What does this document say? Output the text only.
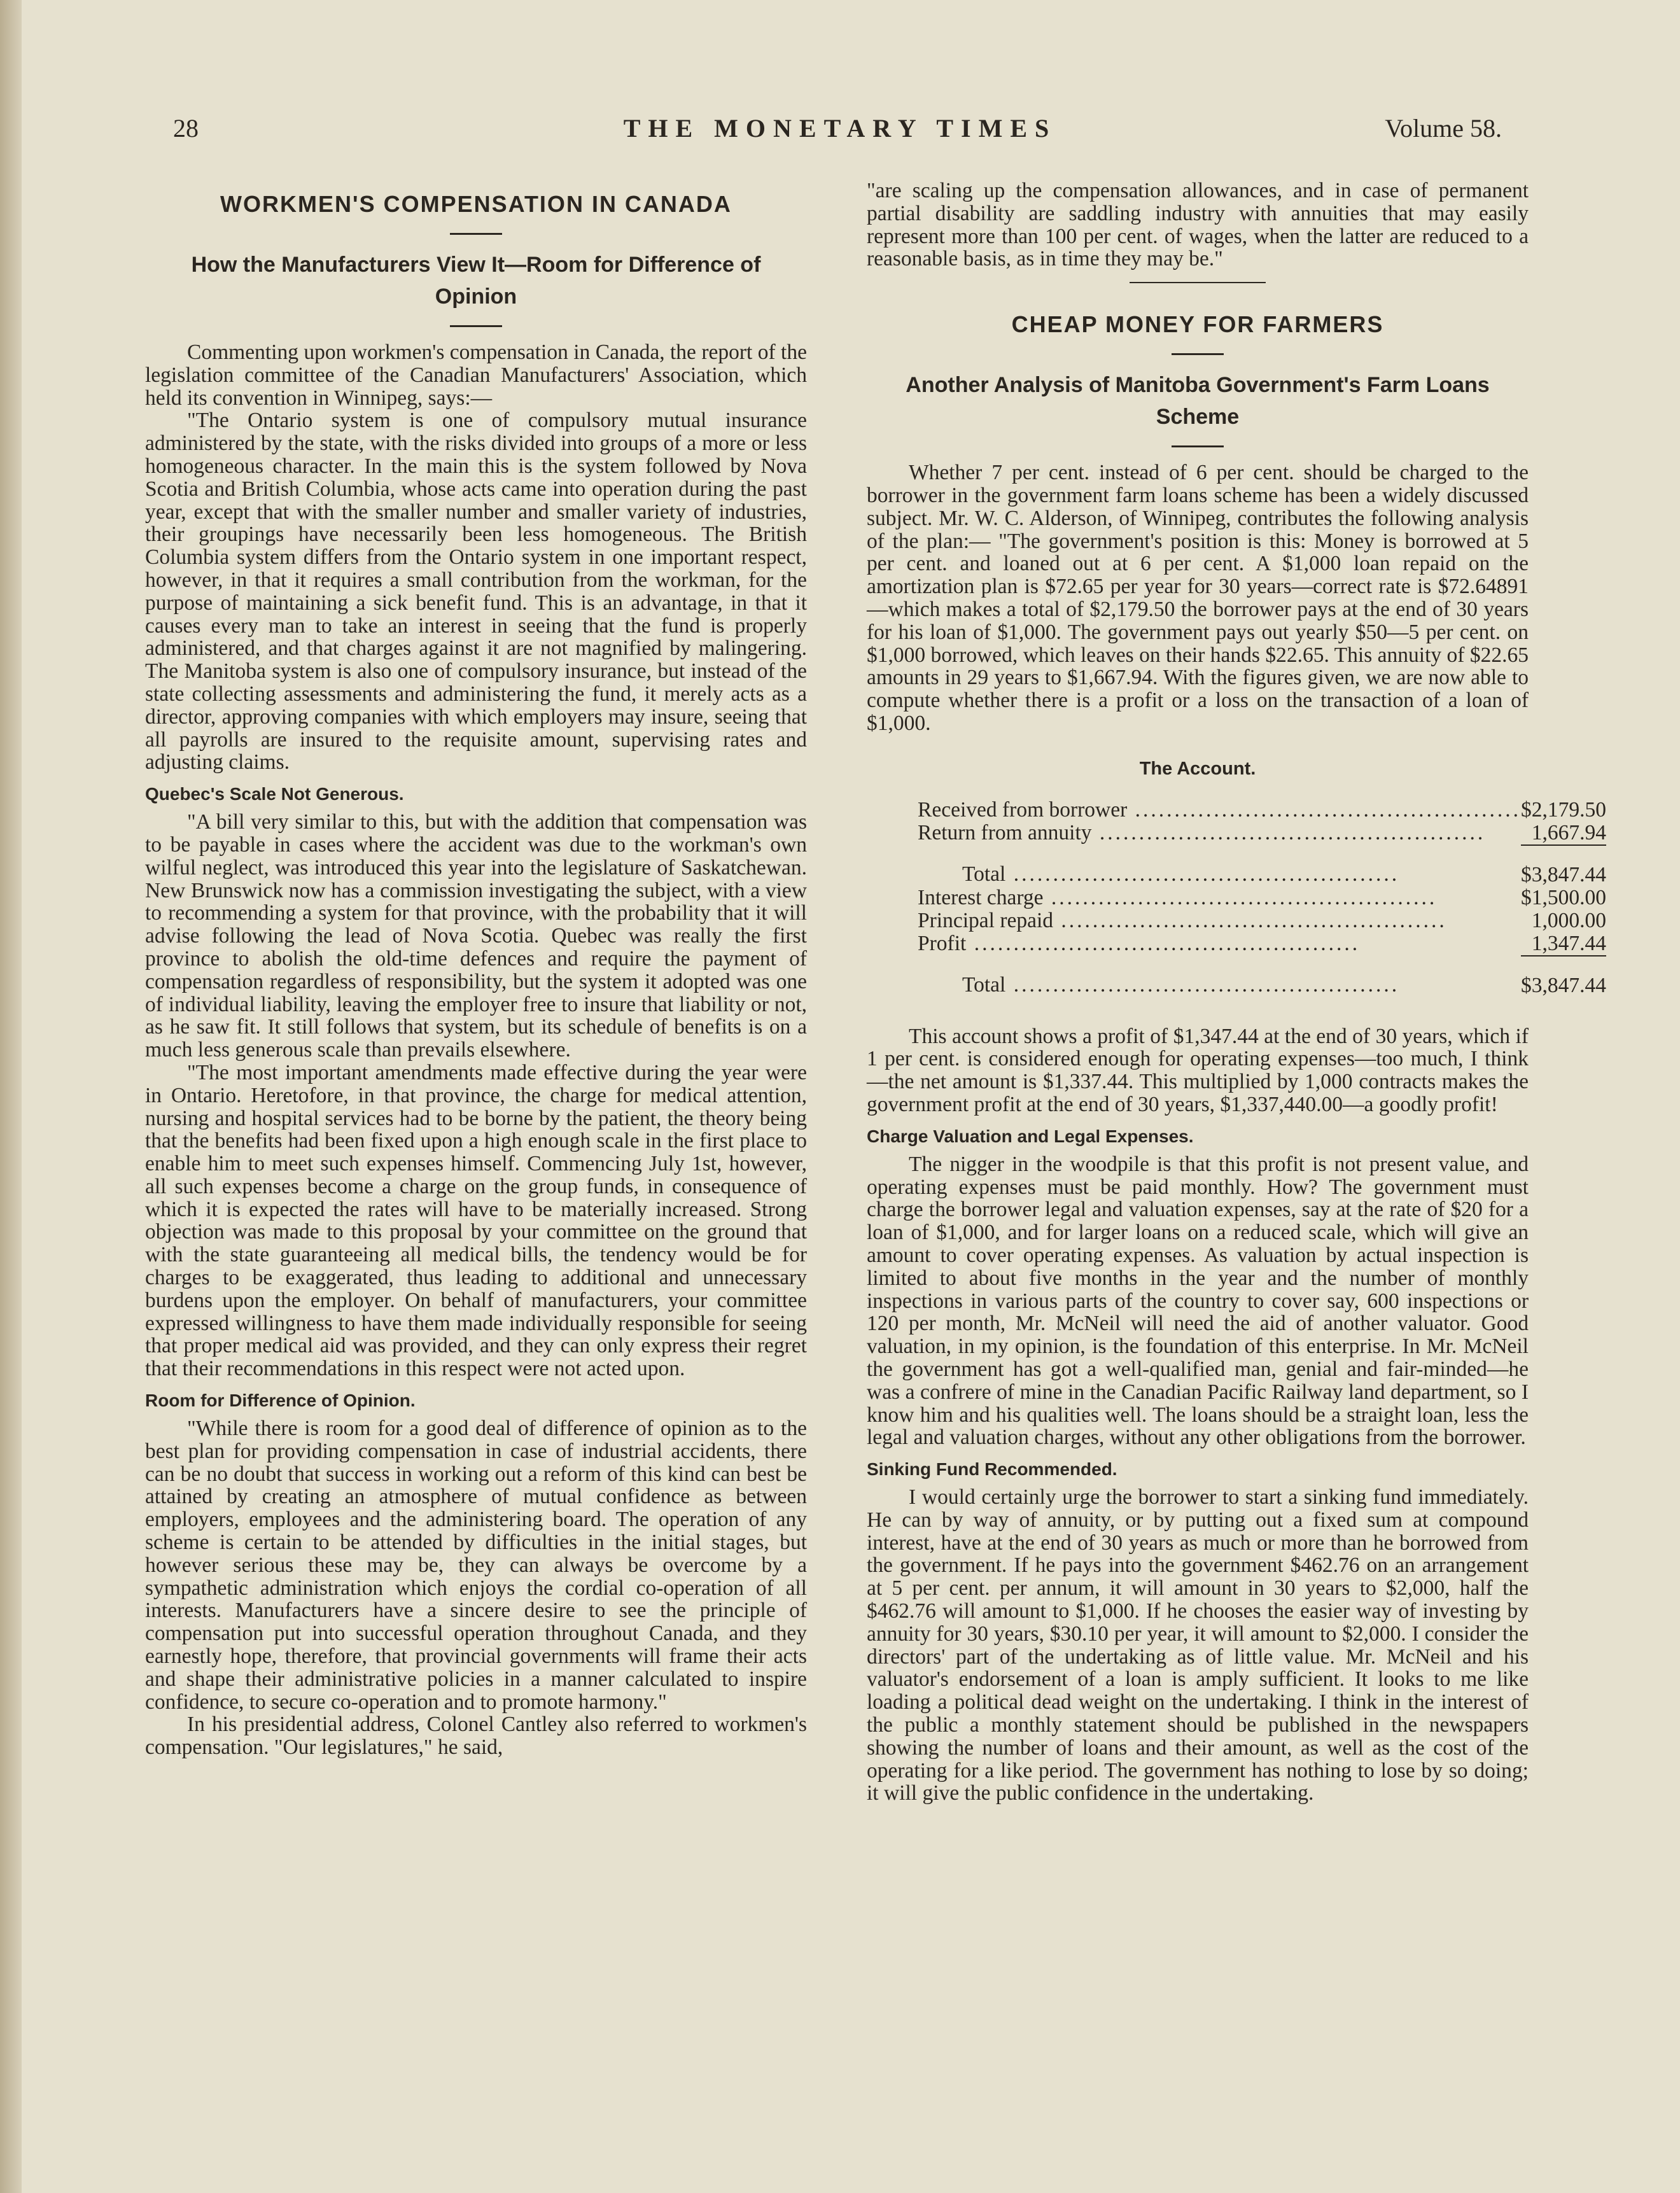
28	THE MONETARY TIMES	Volume 58.
WORKMEN'S COMPENSATION IN CANADA
How the Manufacturers View It—Room for Difference of Opinion

Commenting upon workmen's compensation in Canada, the report of the legislation committee of the Canadian Manufacturers' Association, which held its convention in Winnipeg, says:—

"The Ontario system is one of compulsory mutual insurance administered by the state, with the risks divided into groups of a more or less homogeneous character. In the main this is the system followed by Nova Scotia and British Columbia, whose acts came into operation during the past year, except that with the smaller number and smaller variety of industries, their groupings have necessarily been less homogeneous. The British Columbia system differs from the Ontario system in one important respect, however, in that it requires a small contribution from the workman, for the purpose of maintaining a sick benefit fund. This is an advantage, in that it causes every man to take an interest in seeing that the fund is properly administered, and that charges against it are not magnified by malingering. The Manitoba system is also one of compulsory insurance, but instead of the state collecting assessments and administering the fund, it merely acts as a director, approving companies with which employers may insure, seeing that all payrolls are insured to the requisite amount, supervising rates and adjusting claims.

Quebec's Scale Not Generous.

"A bill very similar to this, but with the addition that compensation was to be payable in cases where the accident was due to the workman's own wilful neglect, was introduced this year into the legislature of Saskatchewan. New Brunswick now has a commission investigating the subject, with a view to recommending a system for that province, with the probability that it will advise following the lead of Nova Scotia. Quebec was really the first province to abolish the old-time defences and require the payment of compensation regardless of responsibility, but the system it adopted was one of individual liability, leaving the employer free to insure that liability or not, as he saw fit. It still follows that system, but its schedule of benefits is on a much less generous scale than prevails elsewhere.

"The most important amendments made effective during the year were in Ontario. Heretofore, in that province, the charge for medical attention, nursing and hospital services had to be borne by the patient, the theory being that the benefits had been fixed upon a high enough scale in the first place to enable him to meet such expenses himself. Commencing July 1st, however, all such expenses become a charge on the group funds, in consequence of which it is expected the rates will have to be materially increased. Strong objection was made to this proposal by your committee on the ground that with the state guaranteeing all medical bills, the tendency would be for charges to be exaggerated, thus leading to additional and unnecessary burdens upon the employer. On behalf of manufacturers, your committee expressed willingness to have them made individually responsible for seeing that proper medical aid was provided, and they can only express their regret that their recommendations in this respect were not acted upon.

Room for Difference of Opinion.

"While there is room for a good deal of difference of opinion as to the best plan for providing compensation in case of industrial accidents, there can be no doubt that success in working out a reform of this kind can best be attained by creating an atmosphere of mutual confidence as between employers, employees and the administering board. The operation of any scheme is certain to be attended by difficulties in the initial stages, but however serious these may be, they can always be overcome by a sympathetic administration which enjoys the cordial co-operation of all interests. Manufacturers have a sincere desire to see the principle of compensation put into successful operation throughout Canada, and they earnestly hope, therefore, that provincial governments will frame their acts and shape their administrative policies in a manner calculated to inspire confidence, to secure co-operation and to promote harmony."

In his presidential address, Colonel Cantley also referred to workmen's compensation. "Our legislatures," he said,

"are scaling up the compensation allowances, and in case of permanent partial disability are saddling industry with annuities that may easily represent more than 100 per cent. of wages, when the latter are reduced to a reasonable basis, as in time they may be."

CHEAP MONEY FOR FARMERS
Another Analysis of Manitoba Government's Farm Loans Scheme

Whether 7 per cent. instead of 6 per cent. should be charged to the borrower in the government farm loans scheme has been a widely discussed subject. Mr. W. C. Alderson, of Winnipeg, contributes the following analysis of the plan:— "The government's position is this: Money is borrowed at 5 per cent. and loaned out at 6 per cent. A $1,000 loan repaid on the amortization plan is $72.65 per year for 30 years—correct rate is $72.64891—which makes a total of $2,179.50 the borrower pays at the end of 30 years for his loan of $1,000. The government pays out yearly $50—5 per cent. on $1,000 borrowed, which leaves on their hands $22.65. This annuity of $22.65 amounts in 29 years to $1,667.94. With the figures given, we are now able to compute whether there is a profit or a loss on the transaction of a loan of $1,000.

The Account.
Received from borrower .................................................	$2,179.50
Return from annuity .................................................	1,667.94
Total .................................................	$3,847.44
Interest charge .................................................	$1,500.00
Principal repaid .................................................	1,000.00
Profit .................................................	1,347.44
Total .................................................	$3,847.44

This account shows a profit of $1,347.44 at the end of 30 years, which if 1 per cent. is considered enough for operating expenses—too much, I think—the net amount is $1,337.44. This multiplied by 1,000 contracts makes the government profit at the end of 30 years, $1,337,440.00—a goodly profit!

Charge Valuation and Legal Expenses.

The nigger in the woodpile is that this profit is not present value, and operating expenses must be paid monthly. How? The government must charge the borrower legal and valuation expenses, say at the rate of $20 for a loan of $1,000, and for larger loans on a reduced scale, which will give an amount to cover operating expenses. As valuation by actual inspection is limited to about five months in the year and the number of monthly inspections in various parts of the country to cover say, 600 inspections or 120 per month, Mr. McNeil will need the aid of another valuator. Good valuation, in my opinion, is the foundation of this enterprise. In Mr. McNeil the government has got a well-qualified man, genial and fair-minded—he was a confrere of mine in the Canadian Pacific Railway land department, so I know him and his qualities well. The loans should be a straight loan, less the legal and valuation charges, without any other obligations from the borrower.

Sinking Fund Recommended.

I would certainly urge the borrower to start a sinking fund immediately. He can by way of annuity, or by putting out a fixed sum at compound interest, have at the end of 30 years as much or more than he borrowed from the government. If he pays into the government $462.76 on an arrangement at 5 per cent. per annum, it will amount in 30 years to $2,000, half the $462.76 will amount to $1,000. If he chooses the easier way of investing by annuity for 30 years, $30.10 per year, it will amount to $2,000. I consider the directors' part of the undertaking as of little value. Mr. McNeil and his valuator's endorsement of a loan is amply sufficient. It looks to me like loading a political dead weight on the undertaking. I think in the interest of the public a monthly statement should be published in the newspapers showing the number of loans and their amount, as well as the cost of the operating for a like period. The government has nothing to lose by so doing; it will give the public confidence in the undertaking.
